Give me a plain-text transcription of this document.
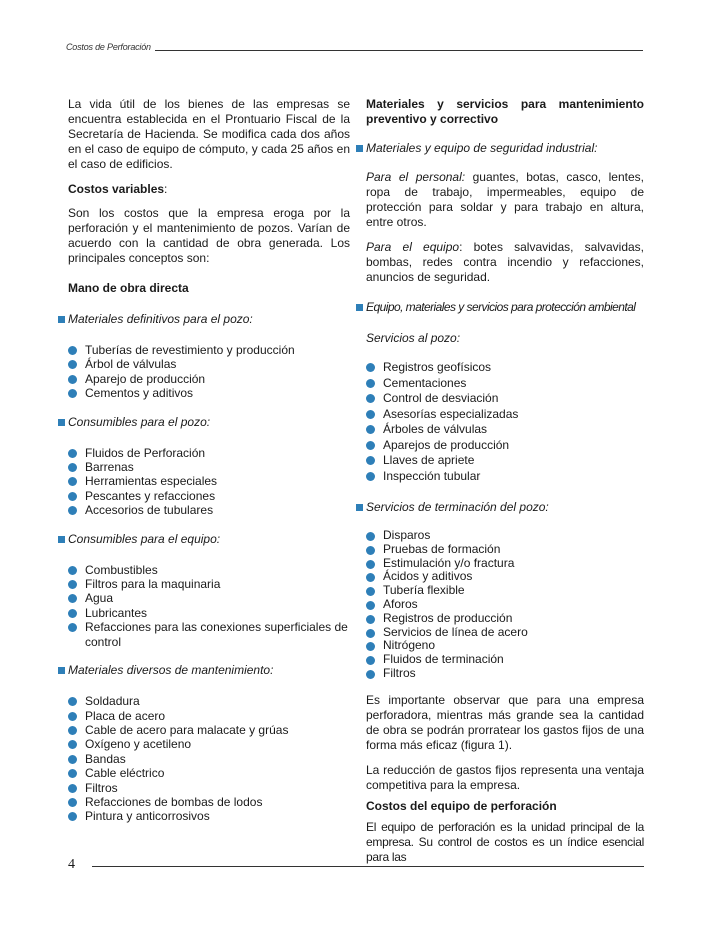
Costos de Perforación

La vida útil de los bienes de las empresas se encuentra establecida en el Prontuario Fiscal de la Secretaría de Hacienda. Se modifica cada dos años en el caso de equipo de cómputo, y cada 25 años en el caso de edificios.

Costos variables:

Son los costos que la empresa eroga por la perforación y el mantenimiento de pozos. Varían de acuerdo con la cantidad de obra generada. Los principales conceptos son:

Mano de obra directa
Materiales definitivos para el pozo:
Tuberías de revestimiento y producción
Árbol de válvulas
Aparejo de producción
Cementos y aditivos
Consumibles para el pozo:
Fluidos de Perforación
Barrenas
Herramientas especiales
Pescantes y refacciones
Accesorios de tubulares
Consumibles para el equipo:
Combustibles
Filtros para la maquinaria
Agua
Lubricantes
Refacciones para las conexiones superficiales de control
Materiales diversos de mantenimiento:
Soldadura
Placa de acero
Cable de acero para malacate y grúas
Oxígeno y acetileno
Bandas
Cable eléctrico
Filtros
Refacciones de bombas de lodos
Pintura y anticorrosivos

Materiales y servicios para mantenimiento preventivo y correctivo

Materiales y equipo de seguridad industrial:

Para el personal: guantes, botas, casco, lentes, ropa de trabajo, impermeables, equipo de protección para soldar y para trabajo en altura, entre otros.

Para el equipo: botes salvavidas, salvavidas, bombas, redes contra incendio y refacciones, anuncios de seguridad.

Equipo, materiales y servicios para protección ambiental
Servicios al pozo:
Registros geofísicos
Cementaciones
Control de desviación
Asesorías especializadas
Árboles de válvulas
Aparejos de producción
Llaves de apriete
Inspección tubular
Servicios de terminación del pozo:
Disparos
Pruebas de formación
Estimulación y/o fractura
Ácidos y aditivos
Tubería flexible
Aforos
Registros de producción
Servicios de línea de acero
Nitrógeno
Fluidos de terminación
Filtros

Es importante observar que para una empresa perforadora, mientras más grande sea la cantidad de obra se podrán prorratear los gastos fijos de una forma más eficaz (figura 1).

La reducción de gastos fijos representa una ventaja competitiva para la empresa.

Costos del equipo de perforación

El equipo de perforación es la unidad principal de la empresa. Su control de costos es un índice esencial para las

4
